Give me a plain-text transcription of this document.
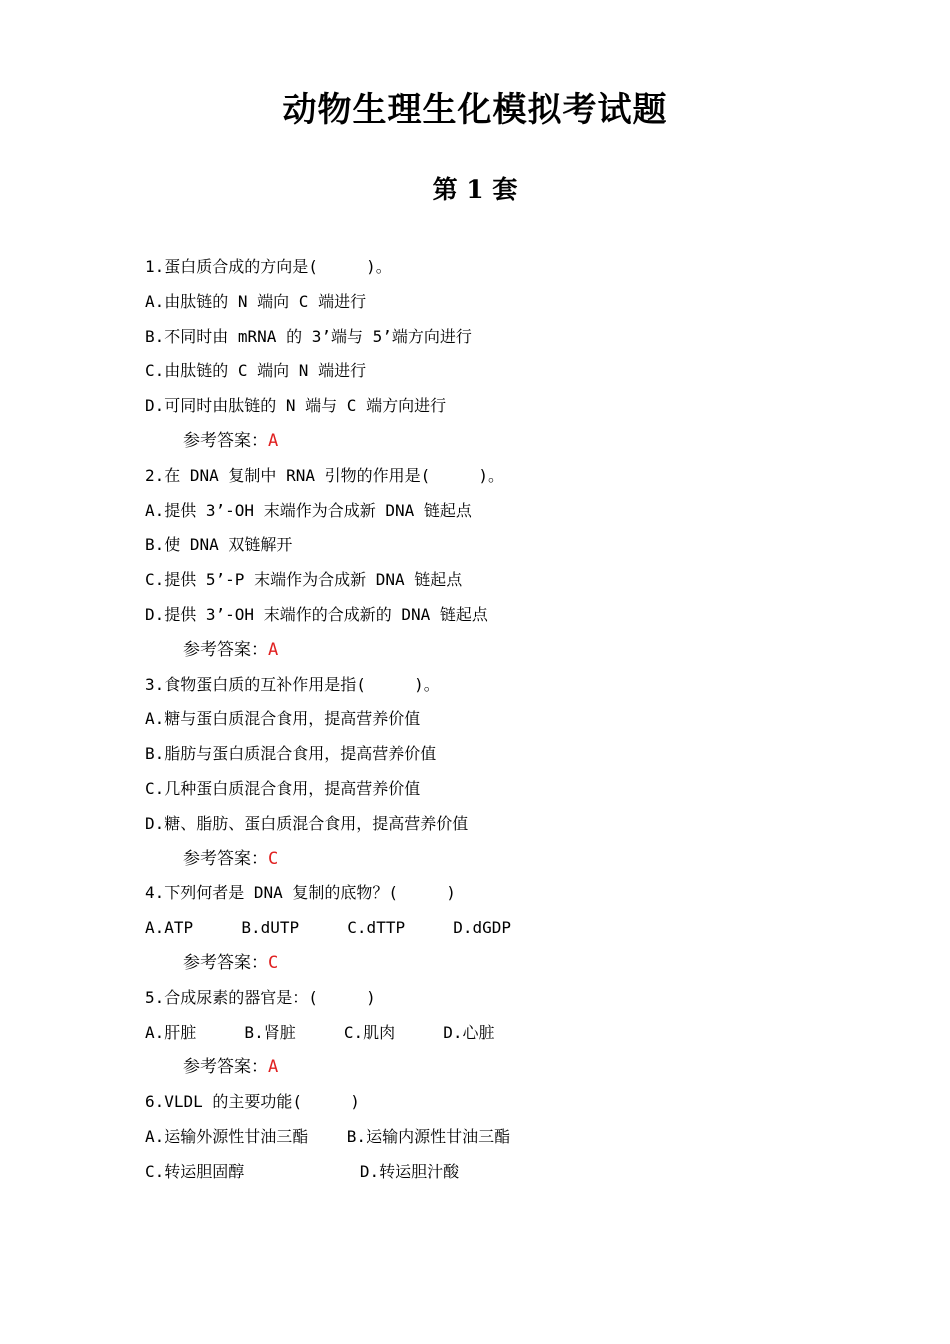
动物生理生化模拟考试题
第 1 套
1.蛋白质合成的方向是(     )。
A.由肽链的 N 端向 C 端进行
B.不同时由 mRNA 的 3’端与 5’端方向进行
C.由肽链的 C 端向 N 端进行
D.可同时由肽链的 N 端与 C 端方向进行
参考答案：A
2.在 DNA 复制中 RNA 引物的作用是(     )。
A.提供 3’-OH 末端作为合成新 DNA 链起点
B.使 DNA 双链解开
C.提供 5’-P 末端作为合成新 DNA 链起点
D.提供 3’-OH 末端作的合成新的 DNA 链起点
参考答案：A
3.食物蛋白质的互补作用是指(     )。
A.糖与蛋白质混合食用，提高营养价值
B.脂肪与蛋白质混合食用，提高营养价值
C.几种蛋白质混合食用，提高营养价值
D.糖、脂肪、蛋白质混合食用，提高营养价值
参考答案：C
4.下列何者是 DNA 复制的底物？(     )
A.ATP     B.dUTP     C.dTTP     D.dGDP
参考答案：C
5.合成尿素的器官是：(     )
A.肝脏     B.肾脏     C.肌肉     D.心脏
参考答案：A
6.VLDL 的主要功能(     )
A.运输外源性甘油三酯    B.运输内源性甘油三酯
C.转运胆固醇            D.转运胆汁酸
